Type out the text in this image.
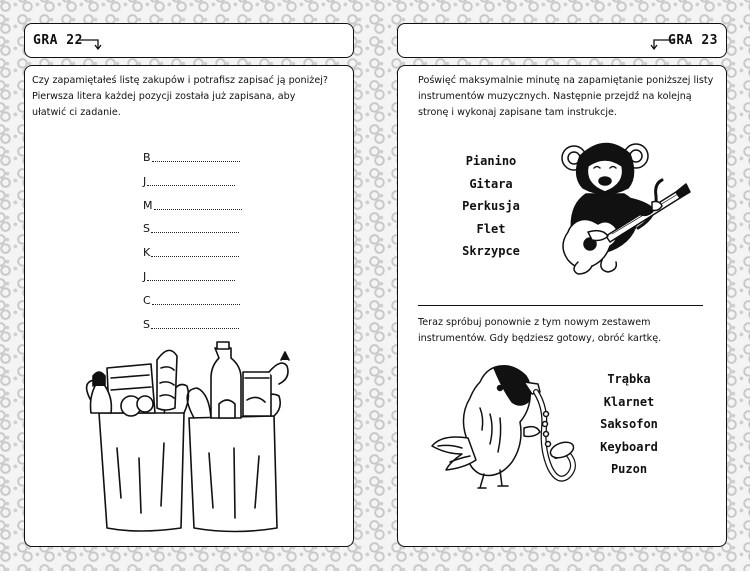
GRA 22	GRA 23

Czy zapamiętałeś listę zakupów i potrafisz zapisać ją poniżej? Pierwsza litera każdej pozycji została już zapisana, aby ułatwić ci zadanie.

B
J
M
S
K
J
C
S

Poświęć maksymalnie minutę na zapamiętanie poniższej listy instrumentów muzycznych. Następnie przejdź na kolejną stronę i wykonaj zapisane tam instrukcje.

Pianino
Gitara
Perkusja
Flet
Skrzypce

Teraz spróbuj ponownie z tym nowym zestawem instrumentów. Gdy będziesz gotowy, obróć kartkę.

Trąbka
Klarnet
Saksofon
Keyboard
Puzon
